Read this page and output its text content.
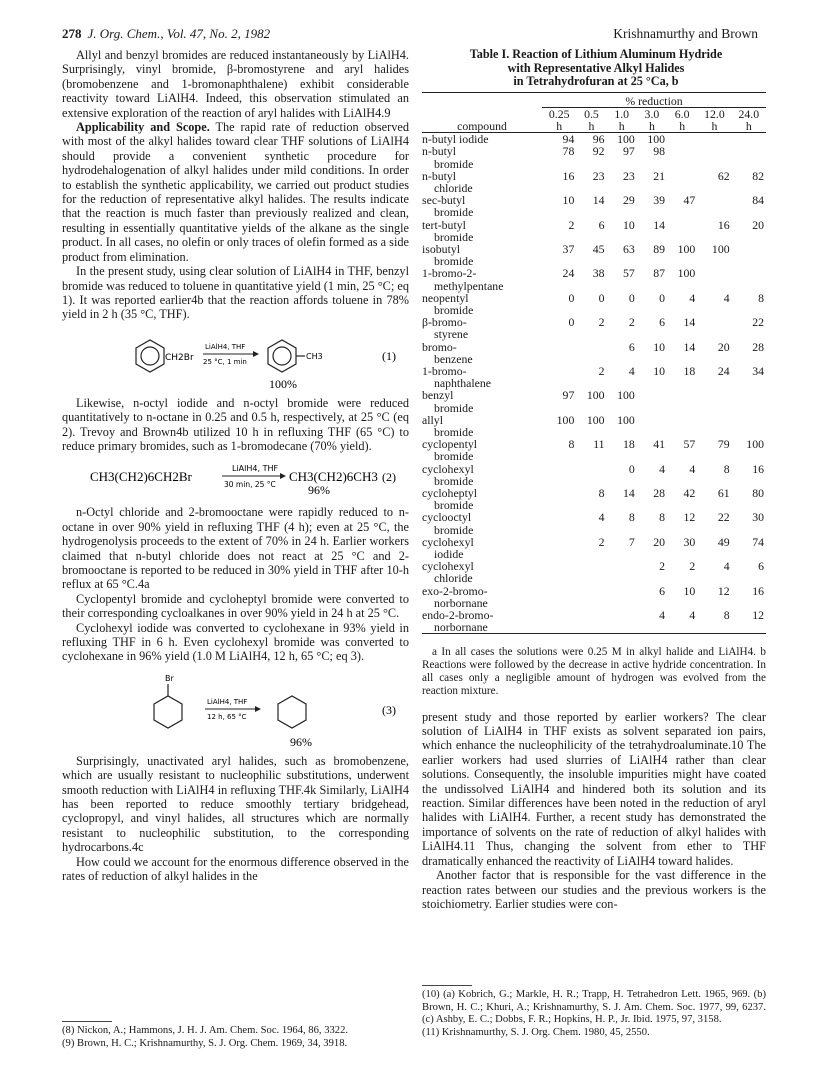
278 J. Org. Chem., Vol. 47, No. 2, 1982	Krishnamurthy and Brown

Allyl and benzyl bromides are reduced instantaneously by LiAlH4. Surprisingly, vinyl bromide, β-bromostyrene and aryl halides (bromobenzene and 1-bromonaphthalene) exhibit considerable reactivity toward LiAlH4. Indeed, this observation stimulated an extensive exploration of the reaction of aryl halides with LiAlH4.9

Applicability and Scope. The rapid rate of reduction observed with most of the alkyl halides toward clear THF solutions of LiAlH4 should provide a convenient synthetic procedure for hydrodehalogenation of alkyl halides under mild conditions. In order to establish the synthetic applicability, we carried out product studies for the reduction of representative alkyl halides. The results indicate that the reaction is much faster than previously realized and clean, resulting in essentially quantitative yields of the alkane as the single product. In all cases, no olefin or only traces of olefin formed as a side product from elimination.

In the present study, using clear solution of LiAlH4 in THF, benzyl bromide was reduced to toluene in quantitative yield (1 min, 25 °C; eq 1). It was reported earlier4b that the reaction affords toluene in 78% yield in 2 h (35 °C, THF).

CH2Br
LiAlH4, THF
25 °C, 1 min
CH3	(1)
100%

Likewise, n-octyl iodide and n-octyl bromide were reduced quantitatively to n-octane in 0.25 and 0.5 h, respectively, at 25 °C (eq 2). Trevoy and Brown4b utilized 10 h in refluxing THF (65 °C) to reduce primary bromides, such as 1-bromodecane (70% yield).

CH3(CH2)6CH2Br
LiAlH4, THF
30 min, 25 °C
CH3(CH2)6CH3 (2)
96%

n-Octyl chloride and 2-bromooctane were rapidly reduced to n-octane in over 90% yield in refluxing THF (4 h); even at 25 °C, the hydrogenolysis proceeds to the extent of 70% in 24 h. Earlier workers claimed that n-butyl chloride does not react at 25 °C and 2-bromooctane is reported to be reduced in 30% yield in THF after 10-h reflux at 65 °C.4a

Cyclopentyl bromide and cycloheptyl bromide were converted to their corresponding cycloalkanes in over 90% yield in 24 h at 25 °C.

Cyclohexyl iodide was converted to cyclohexane in 93% yield in refluxing THF in 6 h. Even cyclohexyl bromide was converted to cyclohexane in 96% yield (1.0 M LiAlH4, 12 h, 65 °C; eq 3).

Br
LiAlH4, THF
12 h, 65 °C	(3)
96%

Surprisingly, unactivated aryl halides, such as bromobenzene, which are usually resistant to nucleophilic substitutions, underwent smooth reduction with LiAlH4 in refluxing THF.4k Similarly, LiAlH4 has been reported to reduce smoothly tertiary bridgehead, cyclopropyl, and vinyl halides, all structures which are normally resistant to nucleophilic substitution, to the corresponding hydrocarbons.4c

How could we account for the enormous difference observed in the rates of reduction of alkyl halides in the

(8) Nickon, A.; Hammons, J. H. J. Am. Chem. Soc. 1964, 86, 3322.

(9) Brown, H. C.; Krishnamurthy, S. J. Org. Chem. 1969, 34, 3918.

Table I. Reaction of Lithium Aluminum Hydride
with Representative Alkyl Halides
in Tetrahydrofuran at 25 °Ca, b
	% reduction						
	0.25	0.5	1.0	3.0	6.0	12.0	24.0
compound	h	h	h	h	h	h	h

n-butyl iodide	94	96	100	100			

n-butyl
bromide	78	92	97	98			

n-butyl
chloride	16	23	23	21		62	82

sec-butyl
bromide	10	14	29	39	47		84

tert-butyl
bromide	2	6	10	14		16	20

isobutyl
bromide	37	45	63	89	100	100	

1-bromo-2-
methylpentane	24	38	57	87	100		

neopentyl
bromide	0	0	0	0	4	4	8

β-bromo-
styrene	0	2	2	6	14		22

bromo-
benzene			6	10	14	20	28

1-bromo-
naphthalene		2	4	10	18	24	34

benzyl
bromide	97	100	100				

allyl
bromide	100	100	100				

cyclopentyl
bromide	8	11	18	41	57	79	100

cyclohexyl
bromide			0	4	4	8	16

cycloheptyl
bromide		8	14	28	42	61	80

cyclooctyl
bromide		4	8	8	12	22	30

cyclohexyl
iodide		2	7	20	30	49	74

cyclohexyl
chloride				2	2	4	6

exo-2-bromo-
norbornane				6	10	12	16

endo-2-bromo-
norbornane				4	4	8	12

a In all cases the solutions were 0.25 M in alkyl halide and LiAlH4. b Reactions were followed by the decrease in active hydride concentration. In all cases only a negligible amount of hydrogen was evolved from the reaction mixture.

present study and those reported by earlier workers? The clear solution of LiAlH4 in THF exists as solvent separated ion pairs, which enhance the nucleophilicity of the tetrahydroaluminate.10 The earlier workers had used slurries of LiAlH4 rather than clear solutions. Consequently, the insoluble impurities might have coated the undissolved LiAlH4 and hindered both its solution and its reaction. Similar differences have been noted in the reduction of aryl halides with LiAlH4. Further, a recent study has demonstrated the importance of solvents on the rate of reduction of alkyl halides with LiAlH4.11 Thus, changing the solvent from ether to THF dramatically enhanced the reactivity of LiAlH4 toward halides.

Another factor that is responsible for the vast difference in the reaction rates between our studies and the previous workers is the stoichiometry. Earlier studies were con-

(10) (a) Kobrich, G.; Markle, H. R.; Trapp, H. Tetrahedron Lett. 1965, 969. (b) Brown, H. C.; Khuri, A.; Krishnamurthy, S. J. Am. Chem. Soc. 1977, 99, 6237. (c) Ashby, E. C.; Dobbs, F. R.; Hopkins, H. P., Jr. Ibid. 1975, 97, 3158.

(11) Krishnamurthy, S. J. Org. Chem. 1980, 45, 2550.
